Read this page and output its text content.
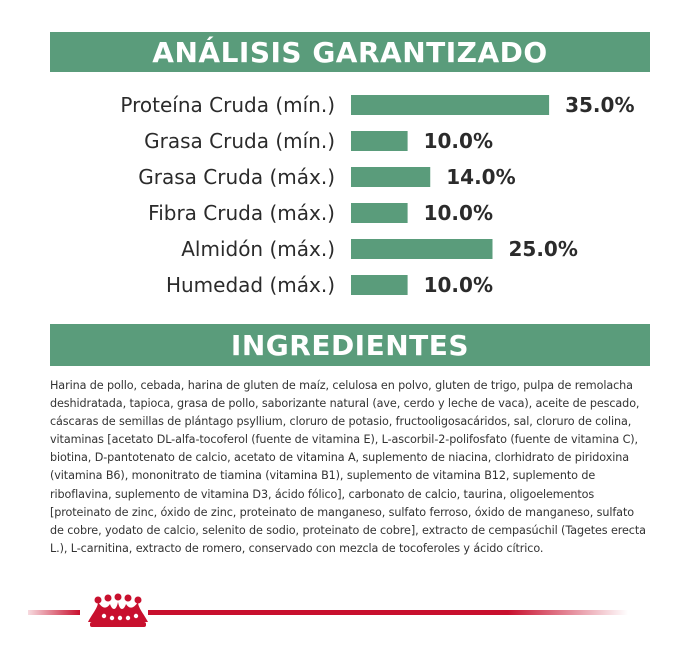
ANÁLISIS GARANTIZADO
Proteína Cruda (mín.)	35.0%
Grasa Cruda (mín.)	10.0%
Grasa Cruda (máx.)	14.0%
Fibra Cruda (máx.)	10.0%
Almidón (máx.)	25.0%
Humedad (máx.)	10.0%
INGREDIENTES
Harina de pollo, cebada, harina de gluten de maíz, celulosa en polvo, gluten de trigo, pulpa de remolacha deshidratada, tapioca, grasa de pollo, saborizante natural (ave, cerdo y leche de vaca), aceite de pescado, cáscaras de semillas de plántago psyllium, cloruro de potasio, fructooligosacáridos, sal, cloruro de colina, vitaminas [acetato DL-alfa-tocoferol (fuente de vitamina E), L-ascorbil-2-polifosfato (fuente de vitamina C), biotina, D-pantotenato de calcio, acetato de vitamina A, suplemento de niacina, clorhidrato de piridoxina (vitamina B6), mononitrato de tiamina (vitamina B1), suplemento de vitamina B12, suplemento de riboflavina, suplemento de vitamina D3, ácido fólico], carbonato de calcio, taurina, oligoelementos [proteinato de zinc, óxido de zinc, proteinato de manganeso, sulfato ferroso, óxido de manganeso, sulfato de cobre, yodato de calcio, selenito de sodio, proteinato de cobre], extracto de cempasúchil (Tagetes erecta L.), L-carnitina, extracto de romero, conservado con mezcla de tocoferoles y ácido cítrico.
